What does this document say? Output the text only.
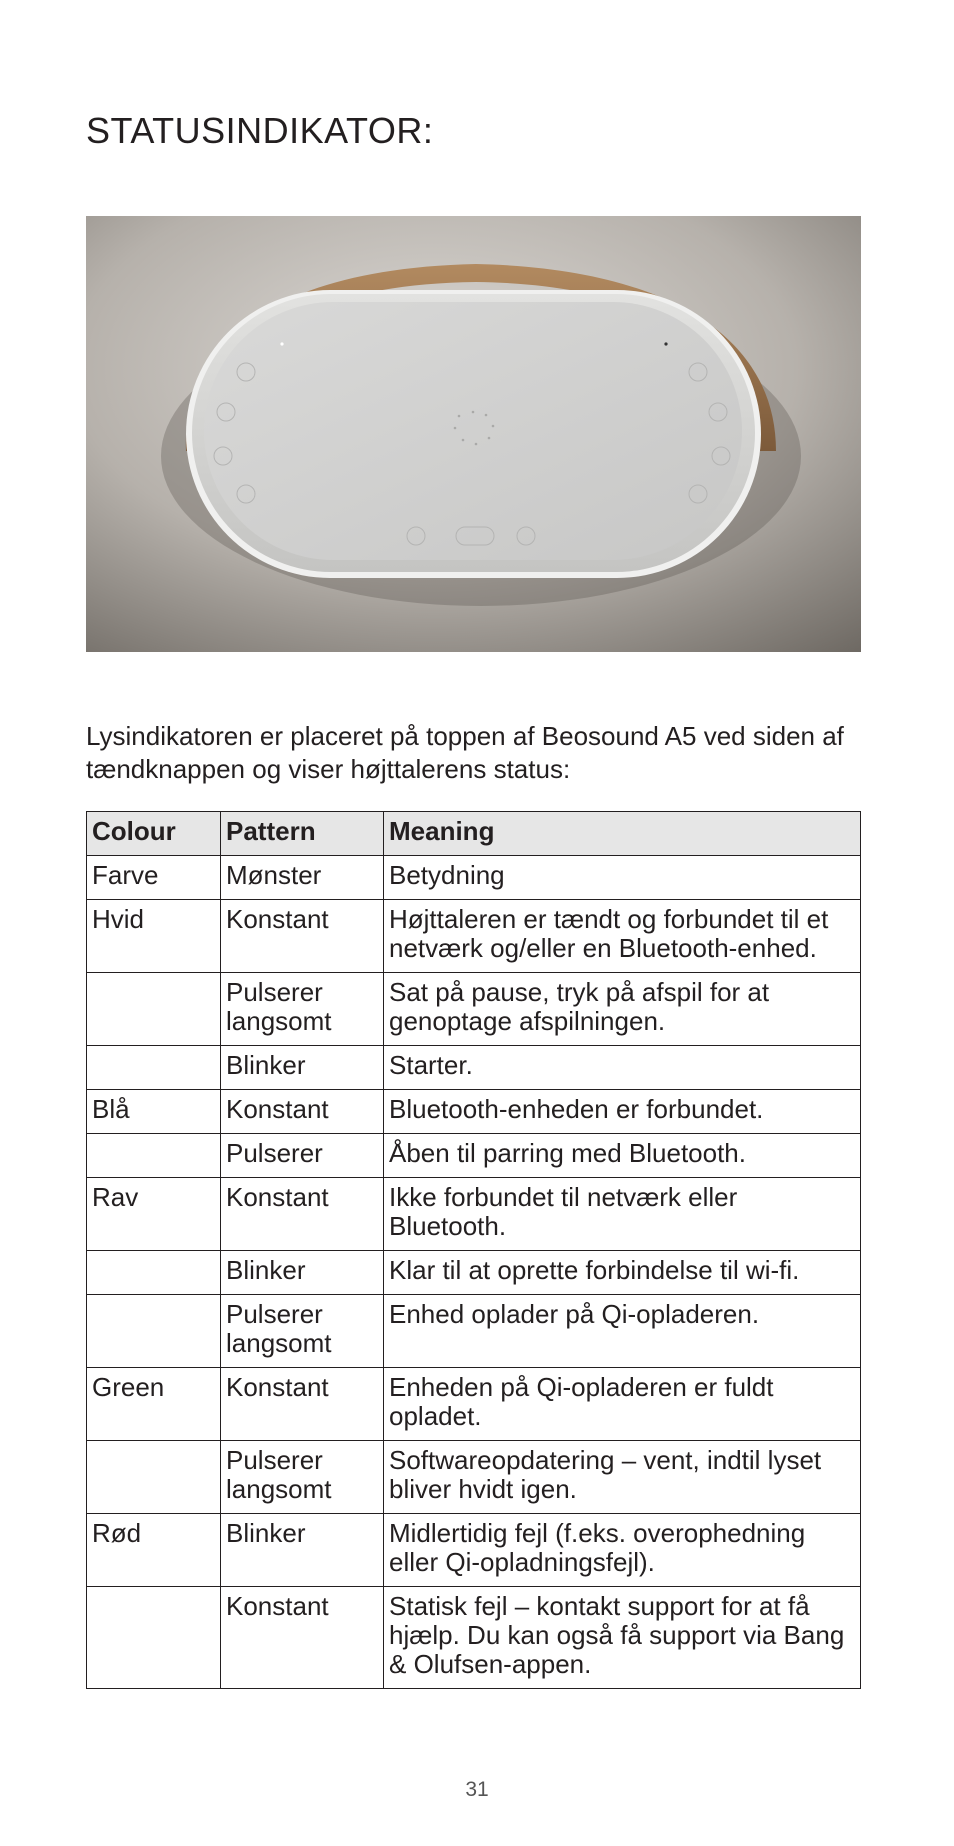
STATUSINDIKATOR:

Lysindikatoren er placeret på toppen af Beosound A5 ved siden af tændknappen og viser højttalerens status:

Colour	Pattern	Meaning
Farve	Mønster	Betydning
Hvid	Konstant	Højttaleren er tændt og forbundet til et netværk og/eller en Bluetooth-enhed.
	Pulserer langsomt	Sat på pause, tryk på afspil for at genoptage afspilningen.
	Blinker	Starter.
Blå	Konstant	Bluetooth-enheden er forbundet.
	Pulserer	Åben til parring med Bluetooth.
Rav	Konstant	Ikke forbundet til netværk eller Bluetooth.
	Blinker	Klar til at oprette forbindelse til wi-fi.
	Pulserer langsomt	Enhed oplader på Qi-opladeren.
Green	Konstant	Enheden på Qi-opladeren er fuldt opladet.
	Pulserer langsomt	Softwareopdatering – vent, indtil lyset bliver hvidt igen.
Rød	Blinker	Midlertidig fejl (f.eks. overophedning eller Qi-opladningsfejl).
	Konstant	Statisk fejl – kontakt support for at få hjælp. Du kan også få support via Bang & Olufsen-appen.
31
